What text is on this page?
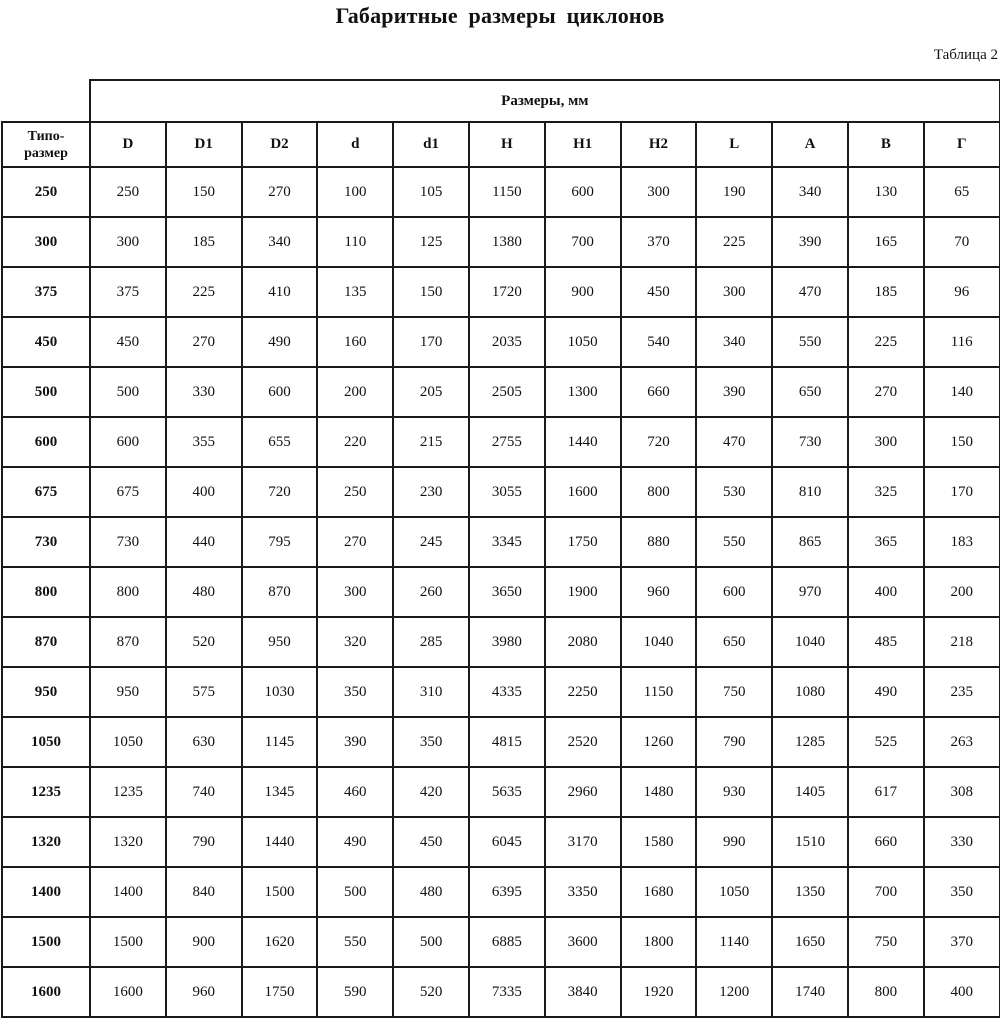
Габаритные размеры циклонов
Таблица 2
	Размеры, мм											
Типо-
размер	D	D1	D2	d	d1	H	H1	H2	L	A	B	Г
250	250	150	270	100	105	1150	600	300	190	340	130	65
300	300	185	340	110	125	1380	700	370	225	390	165	70
375	375	225	410	135	150	1720	900	450	300	470	185	96
450	450	270	490	160	170	2035	1050	540	340	550	225	116
500	500	330	600	200	205	2505	1300	660	390	650	270	140
600	600	355	655	220	215	2755	1440	720	470	730	300	150
675	675	400	720	250	230	3055	1600	800	530	810	325	170
730	730	440	795	270	245	3345	1750	880	550	865	365	183
800	800	480	870	300	260	3650	1900	960	600	970	400	200
870	870	520	950	320	285	3980	2080	1040	650	1040	485	218
950	950	575	1030	350	310	4335	2250	1150	750	1080	490	235
1050	1050	630	1145	390	350	4815	2520	1260	790	1285	525	263
1235	1235	740	1345	460	420	5635	2960	1480	930	1405	617	308
1320	1320	790	1440	490	450	6045	3170	1580	990	1510	660	330
1400	1400	840	1500	500	480	6395	3350	1680	1050	1350	700	350
1500	1500	900	1620	550	500	6885	3600	1800	1140	1650	750	370
1600	1600	960	1750	590	520	7335	3840	1920	1200	1740	800	400
